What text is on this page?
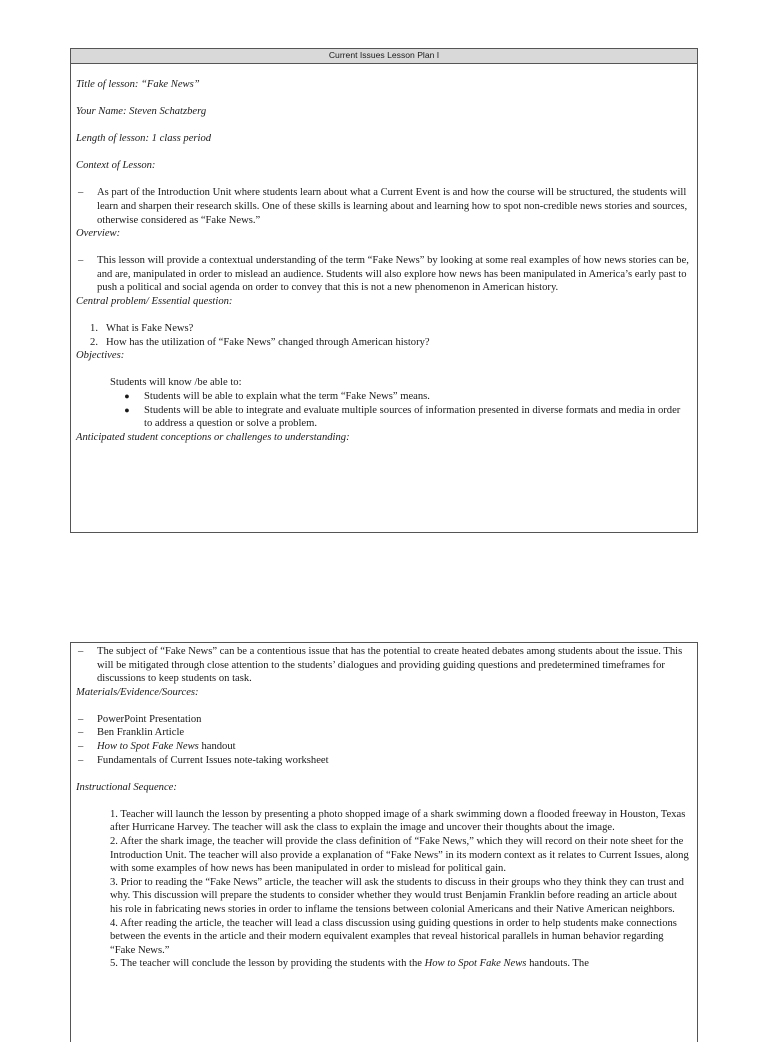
Current Issues Lesson Plan I

Title of lesson: “Fake News”

Your Name: Steven Schatzberg

Length of lesson: 1 class period

Context of Lesson:

–	As part of the Introduction Unit where students learn about what a Current Event is and how the course will be structured, the students will learn and sharpen their research skills. One of these skills is learning about and learning how to spot non-credible news stories and sources, otherwise considered as “Fake News.”

Overview:

–	This lesson will provide a contextual understanding of the term “Fake News” by looking at some real examples of how news stories can be, and are, manipulated in order to mislead an audience. Students will also explore how news has been manipulated in America’s early past to push a political and social agenda on order to convey that this is not a new phenomenon in American history.

Central problem/ Essential question:

1. What is Fake News?
2. How has the utilization of “Fake News” changed through American history?

Objectives:

Students will know /be able to:

●	Students will be able to explain what the term “Fake News” means.
●	Students will be able to integrate and evaluate multiple sources of information presented in diverse formats and media in order to address a question or solve a problem.

Anticipated student conceptions or challenges to understanding:

–	The subject of “Fake News” can be a contentious issue that has the potential to create heated debates among students about the issue. This will be mitigated through close attention to the students’ dialogues and providing guiding questions and predetermined timeframes for discussions to keep students on task.

Materials/Evidence/Sources:

–	PowerPoint Presentation
–	Ben Franklin Article
–	How to Spot Fake News handout
–	Fundamentals of Current Issues note-taking worksheet

Instructional Sequence:

1. Teacher will launch the lesson by presenting a photo shopped image of a shark swimming down a flooded freeway in Houston, Texas after Hurricane Harvey. The teacher will ask the class to explain the image and uncover their thoughts about the image.

2. After the shark image, the teacher will provide the class definition of “Fake News,” which they will record on their note sheet for the Introduction Unit. The teacher will also provide a explanation of “Fake News” in its modern context as it relates to Current Issues, along with some examples of how news has been manipulated in order to mislead for political gain.

3. Prior to reading the “Fake News” article, the teacher will ask the students to discuss in their groups who they think they can trust and why. This discussion will prepare the students to consider whether they would trust Benjamin Franklin before reading an article about his role in fabricating news stories in order to inflame the tensions between colonial Americans and their Native American neighbors.

4. After reading the article, the teacher will lead a class discussion using guiding questions in order to help students make connections between the events in the article and their modern equivalent examples that reveal historical parallels in human behavior regarding “Fake News.”

5. The teacher will conclude the lesson by providing the students with the How to Spot Fake News handouts. The
